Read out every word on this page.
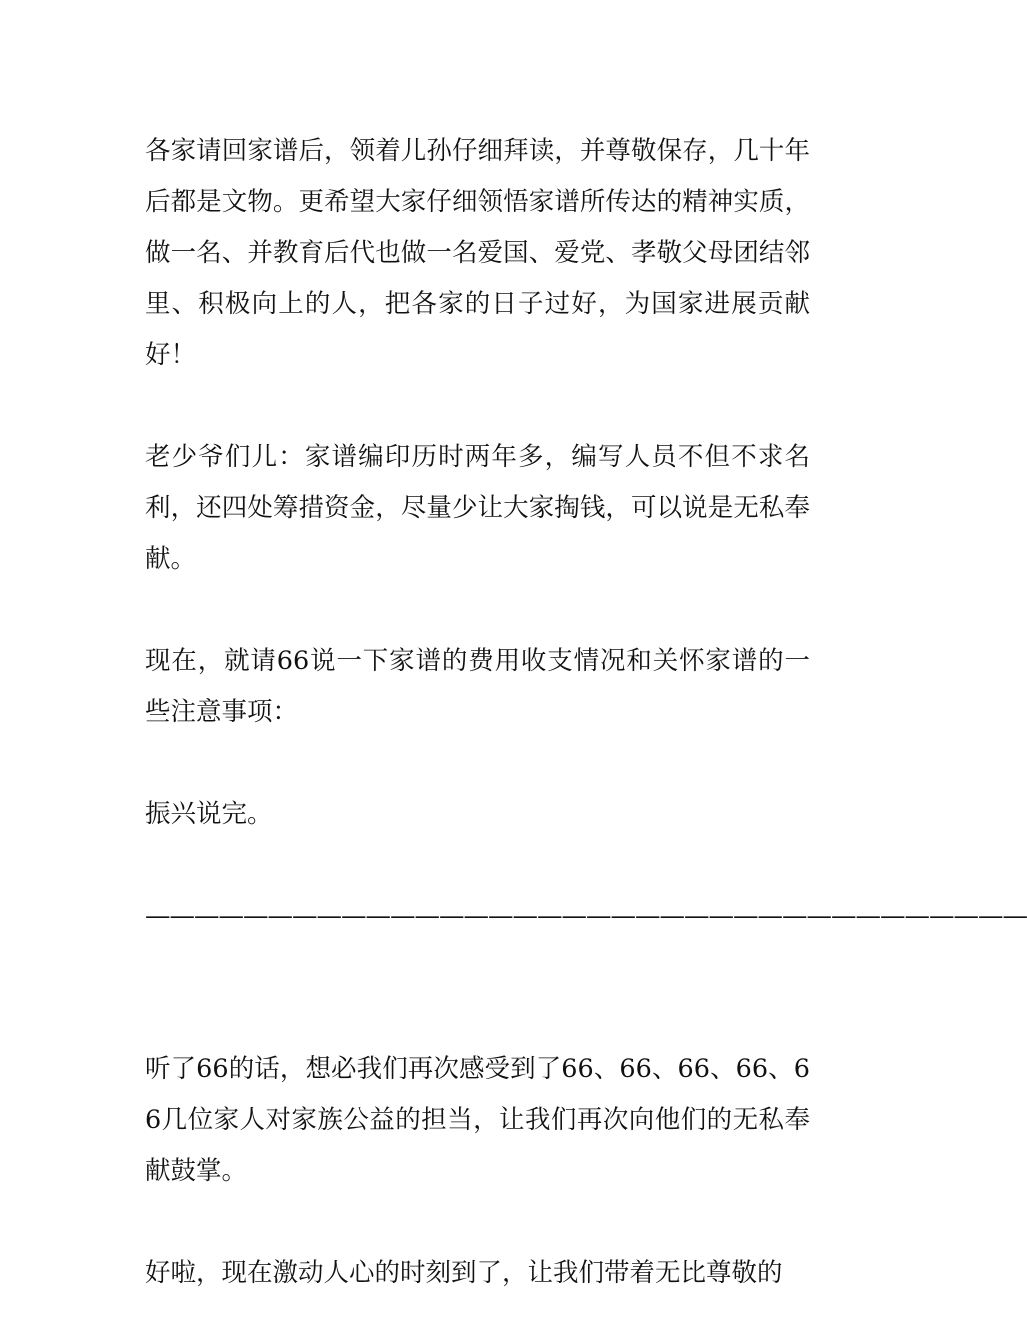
各家请回家谱后，领着儿孙仔细拜读，并尊敬保存，几十年后都是文物。更希望大家仔细领悟家谱所传达的精神实质，做一名、并教育后代也做一名爱国、爱党、孝敬父母团结邻里、积极向上的人，把各家的日子过好，为国家进展贡献好！

老少爷们儿：家谱编印历时两年多，编写人员不但不求名利，还四处筹措资金，尽量少让大家掏钱，可以说是无私奉献。

现在，就请66说一下家谱的费用收支情况和关怀家谱的一些注意事项：

振兴说完。

————————————————————————————————————

听了66的话，想必我们再次感受到了66、66、66、66、66几位家人对家族公益的担当，让我们再次向他们的无私奉献鼓掌。

好啦，现在激动人心的时刻到了，让我们带着无比尊敬的
